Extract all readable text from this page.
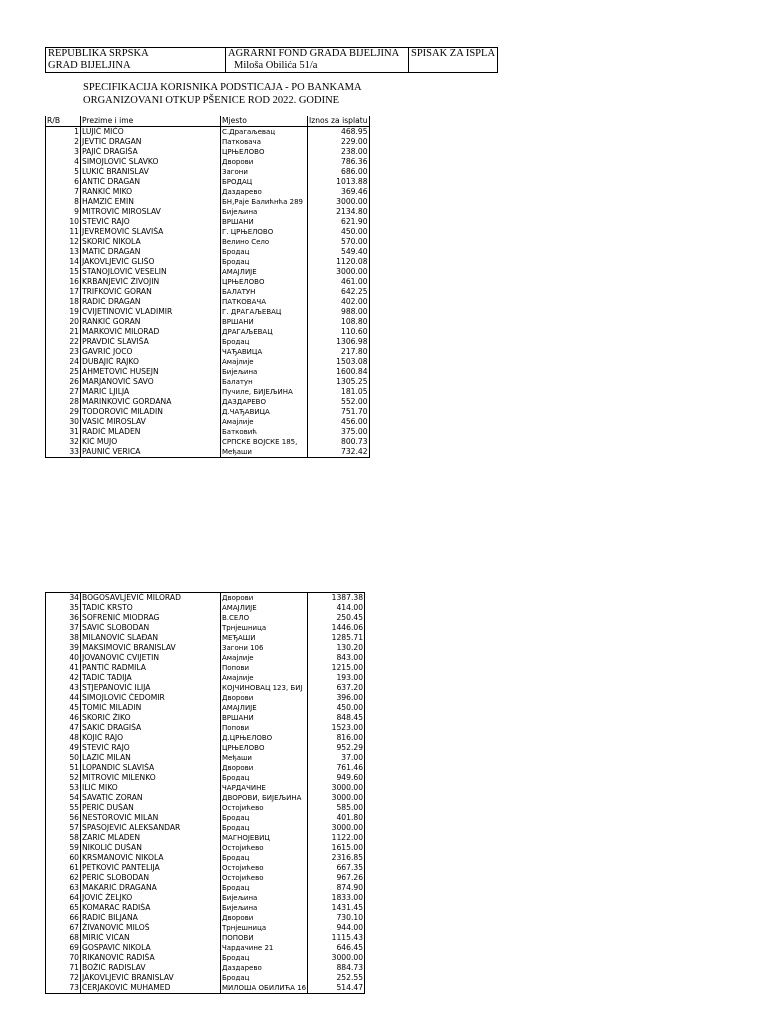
REPUBLIKA SRPSKA
GRAD BIJELJINA

AGRARNI FOND GRADA BIJELJINA
Miloša Obilića 51/a

SPISAK ZA ISPLA
SPECIFIKACIJA KORISNIKA PODSTICAJA - PO BANKAMA
ORGANIZOVANI OTKUP PŠENICE ROD 2022. GODINE
R/B	Prezime i ime	Mjesto	Iznos za isplatu
1	LUJIĆ MIĆO	С.Драгаљевац	468.95
2	JEVTIĆ DRAGAN	Патковача	229.00
3	PAJIĆ DRAGIŠA	ЦРЊЕЛОВО	238.00
4	SIMOJLOVIĆ SLAVKO	Дворови	786.36
5	LUKIĆ BRANISLAV	Загони	686.00
6	ANTIĆ DRAGAN	БРОДАЦ	1013.88
7	RANKIĆ MIKO	Даздарево	369.46
8	HAMZIĆ EMIN	БН,Раје Балићнћа 289	3000.00
9	MITROVIĆ MIROSLAV	Бијељина	2134.80
10	STEVIĆ RAJO	ВРШАНИ	621.90
11	JEVREMOVIĆ SLAVIŠA	Г. ЦРЊЕЛОВО	450.00
12	SKORIĆ NIKOLA	Велино Село	570.00
13	MATIĆ DRAGAN	Бродац	549.40
14	JAKOVLJEVIĆ GLIŠO	Бродац	1120.08
15	STANOJLOVIĆ VESELIN	АМАЈЛИЈЕ	3000.00
16	KRBANJEVIĆ ŽIVOJIN	ЦРЊЕЛОВО	461.00
17	TRIFKOVIĆ GORAN	БАЛАТУН	642.25
18	RADIĆ DRAGAN	ПАТКОВАЧА	402.00
19	CVIJETINOVIĆ VLADIMIR	Г. ДРАГАЉЕВАЦ	988.00
20	RANKIĆ GORAN	ВРШАНИ	108.80
21	MARKOVIĆ MILORAD	ДРАГАЉЕВАЦ	110.60
22	PRAVDIĆ SLAVIŠA	Бродац	1306.98
23	GAVRIĆ JOCO	ЧАЂАВИЦА	217.80
24	DUBAJIĆ RAJKO	Амајлије	1503.08
25	AHMETOVIĆ HUSEJN	Бијељина	1600.84
26	MARJANOVIĆ SAVO	Балатун	1305.25
27	MARIĆ LJILJA	Пучиле, БИЈЕЉИНА	181.05
28	MARINKOVIĆ GORDANA	ДАЗДАРЕВО	552.00
29	TODOROVIĆ MILADIN	Д.ЧАЂАВИЦА	751.70
30	VASIĆ MIROSLAV	Амајлије	456.00
31	RADIĆ MLADEN	Батковић	375.00
32	KIĆ MUJO	СРПСКЕ ВОЈСКЕ 185,	800.73
33	PAUNIĆ VERICA	Међаши	732.42
34	BOGOSAVLJEVIĆ MILORAD	Дворови	1387.38
35	TADIĆ KRSTO	АМАЈЛИЈЕ	414.00
36	SOFRENIĆ MIODRAG	В.СЕЛО	250.45
37	SAVIĆ SLOBODAN	Трнјешница	1446.06
38	MILANOVIĆ SLAĐAN	МЕЂАШИ	1285.71
39	MAKSIMOVIĆ BRANISLAV	Загони 106	130.20
40	JOVANOVIĆ CVIJETIN	Амајлије	843.00
41	PANTIĆ RADMILA	Попови	1215.00
42	TADIĆ TADIJA	Амајлије	193.00
43	STJEPANOVIĆ ILIJA	КОЈЧИНОВАЦ 123, БИЈ	637.20
44	SIMOJLOVIĆ ČEDOMIR	Дворови	396.00
45	TOMIĆ MILADIN	АМАЈЛИЈЕ	450.00
46	SKORIĆ ŽIKO	ВРШАНИ	848.45
47	SAKIĆ DRAGIŠA	Попови	1523.00
48	KOJIĆ RAJO	Д.ЦРЊЕЛОВО	816.00
49	STEVIĆ RAJO	ЦРЊЕЛОВО	952.29
50	LAZIĆ MILAN	Међаши	37.00
51	LOPANDIĆ SLAVIŠA	Дворови	761.46
52	MITROVIĆ MILENKO	Бродац	949.60
53	ILIĆ MIKO	ЧАРДАЧИНЕ	3000.00
54	SAVATIĆ ZORAN	ДВОРОВИ, БИЈЕЉИНА	3000.00
55	PERIĆ DUŠAN	Остојићево	585.00
56	NESTOROVIĆ MILAN	Бродац	401.80
57	SPASOJEVIĆ ALEKSANDAR	Бродац	3000.00
58	ZARIĆ MLADEN	МАГНОЈЕВИЦ	1122.00
59	NIKOLIĆ DUŠAN	Остојићево	1615.00
60	KRSMANOVIĆ NIKOLA	Бродац	2316.85
61	PETKOVIĆ PANTELIJA	Остојићево	667.35
62	PERIĆ SLOBODAN	Остојићево	967.26
63	MAKARIĆ DRAGANA	Бродац	874.90
64	JOVIĆ ŽELJKO	Бијељина	1833.00
65	KOMARAC RADIŠA	Бијељина	1431.45
66	RADIĆ BILJANA	Дворови	730.10
67	ŽIVANOVIĆ MILOŠ	Трнјешница	944.00
68	MIRIĆ VIĆAN	ПОПОВИ	1115.43
69	GOSPAVIĆ NIKOLA	Чардачине 21	646.45
70	RIKANOVIĆ RADIŠA	Бродац	3000.00
71	BOŽIĆ RADISLAV	Даздарево	884.73
72	JAKOVLJEVIĆ BRANISLAV	Бродац	252.55
73	ĆERJAKOVIĆ MUHAMED	МИЛОША ОБИЛИЋА 16	514.47
